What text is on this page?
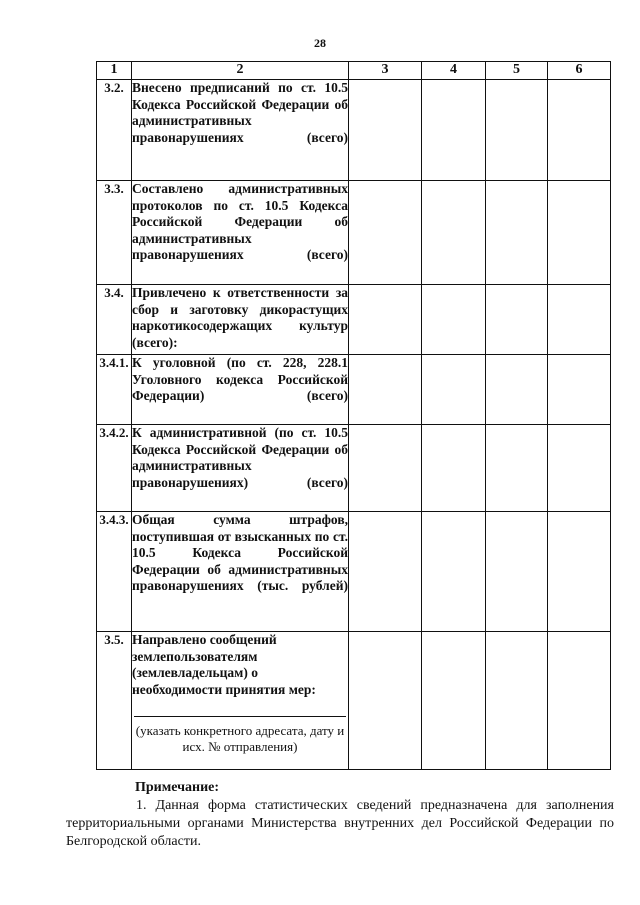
28
1	2	3	4	5	6
3.2.	Внесено предписаний по ст. 10.5 Кодекса Российской Федерации об административных правонарушениях (всего)				
3.3.	Составлено административных протоколов по ст. 10.5 Кодекса Российской Федерации об административных правонарушениях (всего)				
3.4.	Привлечено к ответственности за сбор и заготовку дикорастущих наркотикосодержащих культур (всего):				
3.4.1.	К уголовной (по ст. 228, 228.1 Уголовного кодекса Российской Федерации) (всего)				
3.4.2.	К административной (по ст. 10.5 Кодекса Российской Федерации об административных правонарушениях) (всего)				
3.4.3.	Общая сумма штрафов, поступившая от взысканных по ст. 10.5 Кодекса Российской Федерации об административных правонарушениях (тыс. рублей)				
3.5.	Направлено сообщений землепользователям (землевладельцам) о необходимости принятия мер:
(указать конкретного адресата, дату и исх. № отправления)				

Примечание:
1. Данная форма статистических сведений предназначена для заполнения территориальными органами Министерства внутренних дел Российской Федерации по Белгородской области.
